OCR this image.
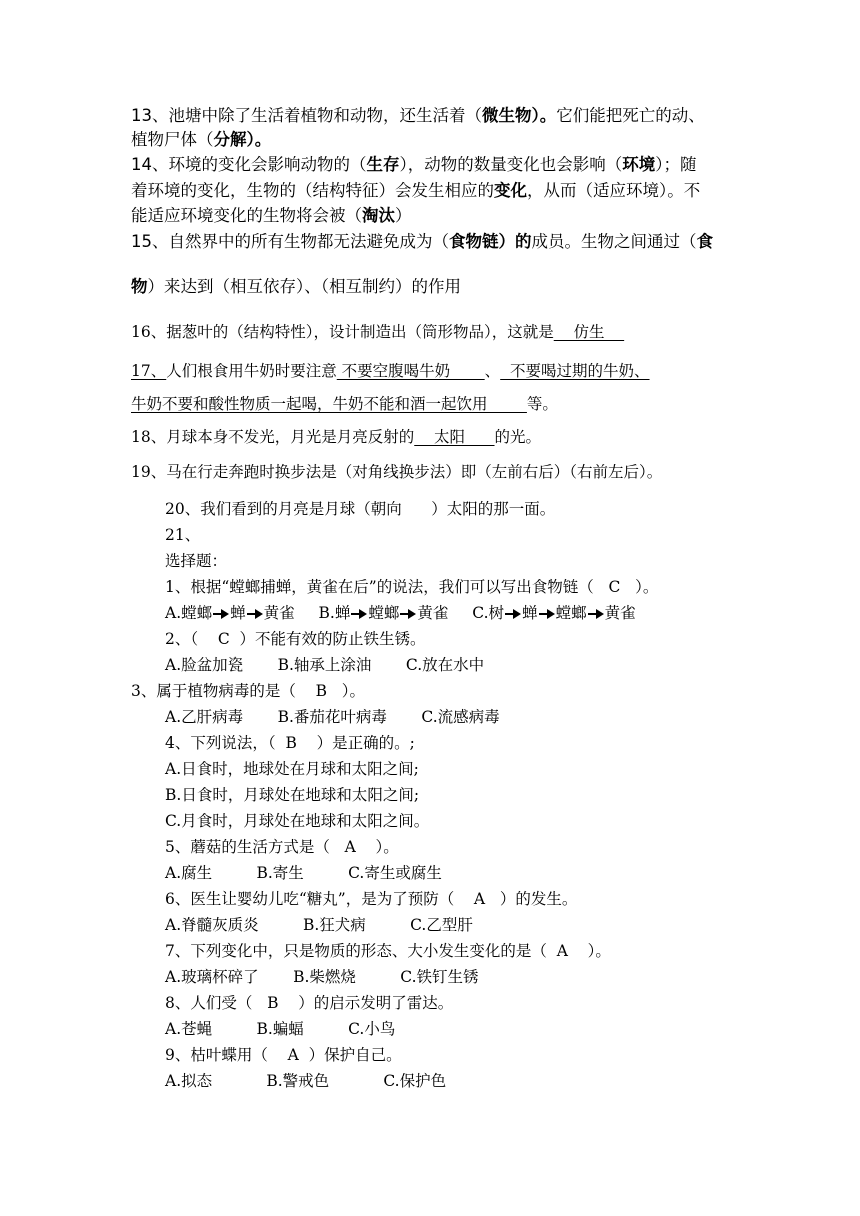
13、池塘中除了生活着植物和动物，还生活着（微生物）。它们能把死亡的动、
植物尸体（分解）。
14、环境的变化会影响动物的（生存），动物的数量变化也会影响（环境）；随
着环境的变化，生物的（结构特征）会发生相应的变化，从而（适应环境）。不
能适应环境变化的生物将会被（淘汰）
15、自然界中的所有生物都无法避免成为（食物链）的成员。生物之间通过（食
物）来达到（相互依存）、（相互制约）的作用
16、据葱叶的（结构特性），设计制造出（筒形物品），这就是    仿生
17、人们根食用牛奶时要注意 不要空腹喝牛奶       、  不要喝过期的牛奶、
牛奶不要和酸性物质一起喝，牛奶不能和酒一起饮用        等。
18、月球本身不发光，月光是月亮反射的    太阳      的光。
19、马在行走奔跑时换步法是（对角线换步法）即（左前右后）（右前左后）。
20、我们看到的月亮是月球（朝向      ）太阳的那一面。
21、
选择题：
1、根据“螳螂捕蝉，黄雀在后”的说法，我们可以写出食物链（   C   ）。
A.螳螂 蝉 黄雀 B.蝉 螳螂 黄雀 C.树 蝉 螳螂 黄雀
2、（    C  ）不能有效的防止铁生锈。
A.脸盆加瓷       B.轴承上涂油       C.放在水中
3、属于植物病毒的是（    B   ）。
A.乙肝病毒       B.番茄花叶病毒       C.流感病毒
4、下列说法，（  B    ）是正确的。;
A.日食时，地球处在月球和太阳之间;
B.日食时，月球处在地球和太阳之间;
C.月食时，月球处在地球和太阳之间。
5、蘑菇的生活方式是（   A    ）。
A.腐生         B.寄生         C.寄生或腐生
6、医生让婴幼儿吃“糖丸”，是为了预防（    A   ）的发生。
A.脊髓灰质炎         B.狂犬病         C.乙型肝
7、下列变化中，只是物质的形态、大小发生变化的是（  A    ）。
A.玻璃杯碎了       B.柴燃烧         C.铁钉生锈
8、人们受（   B    ）的启示发明了雷达。
A.苍蝇         B.蝙蝠         C.小鸟
9、枯叶蝶用（    A  ）保护自己。
A.拟态           B.警戒色           C.保护色
